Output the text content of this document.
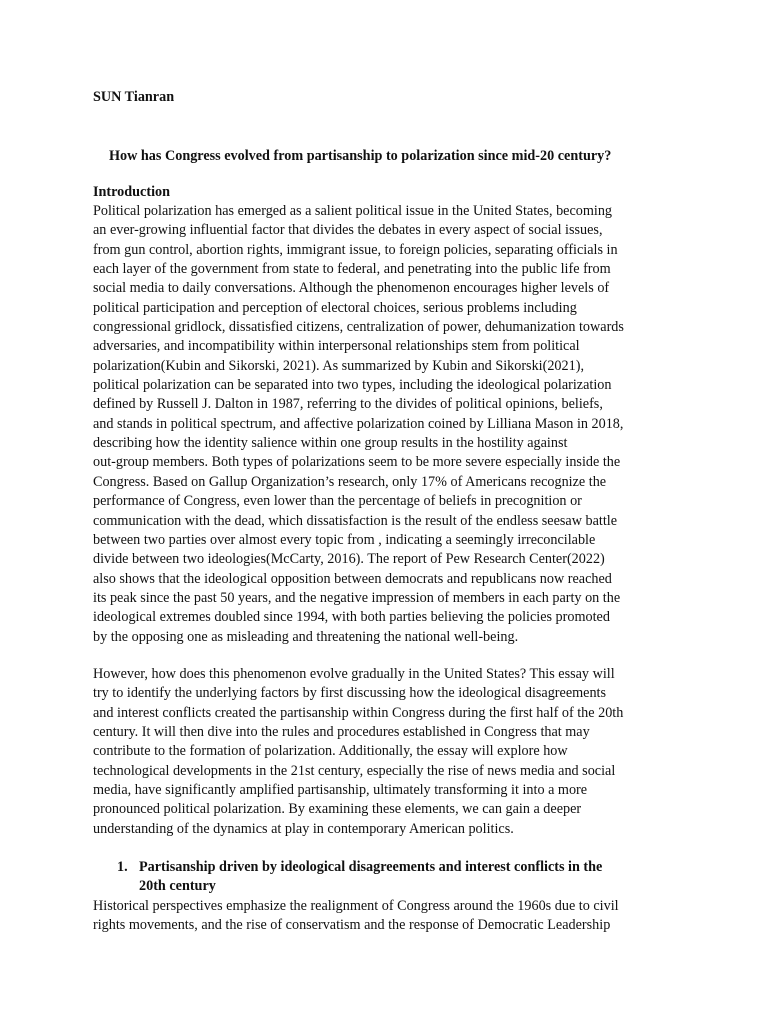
SUN Tianran
How has Congress evolved from partisanship to polarization since mid-20 century?
Introduction
Political polarization has emerged as a salient political issue in the United States, becoming
an ever-growing influential factor that divides the debates in every aspect of social issues,
from gun control, abortion rights, immigrant issue, to foreign policies, separating officials in
each layer of the government from state to federal, and penetrating into the public life from
social media to daily conversations. Although the phenomenon encourages higher levels of
political participation and perception of electoral choices, serious problems including
congressional gridlock, dissatisfied citizens, centralization of power, dehumanization towards
adversaries, and incompatibility within interpersonal relationships stem from political
polarization(Kubin and Sikorski, 2021). As summarized by Kubin and Sikorski(2021),
political polarization can be separated into two types, including the ideological polarization
defined by Russell J. Dalton in 1987, referring to the divides of political opinions, beliefs,
and stands in political spectrum, and affective polarization coined by Lilliana Mason in 2018,
describing how the identity salience within one group results in the hostility against
out-group members. Both types of polarizations seem to be more severe especially inside the
Congress. Based on Gallup Organization’s research, only 17% of Americans recognize the
performance of Congress, even lower than the percentage of beliefs in precognition or
communication with the dead, which dissatisfaction is the result of the endless seesaw battle
between two parties over almost every topic from , indicating a seemingly irreconcilable
divide between two ideologies(McCarty, 2016). The report of Pew Research Center(2022)
also shows that the ideological opposition between democrats and republicans now reached
its peak since the past 50 years, and the negative impression of members in each party on the
ideological extremes doubled since 1994, with both parties believing the policies promoted
by the opposing one as misleading and threatening the national well-being.
However, how does this phenomenon evolve gradually in the United States? This essay will
try to identify the underlying factors by first discussing how the ideological disagreements
and interest conflicts created the partisanship within Congress during the first half of the 20th
century. It will then dive into the rules and procedures established in Congress that may
contribute to the formation of polarization. Additionally, the essay will explore how
technological developments in the 21st century, especially the rise of news media and social
media, have significantly amplified partisanship, ultimately transforming it into a more
pronounced political polarization. By examining these elements, we can gain a deeper
understanding of the dynamics at play in contemporary American politics.
1. Partisanship driven by ideological disagreements and interest conflicts in the
20th century
Historical perspectives emphasize the realignment of Congress around the 1960s due to civil
rights movements, and the rise of conservatism and the response of Democratic Leadership
